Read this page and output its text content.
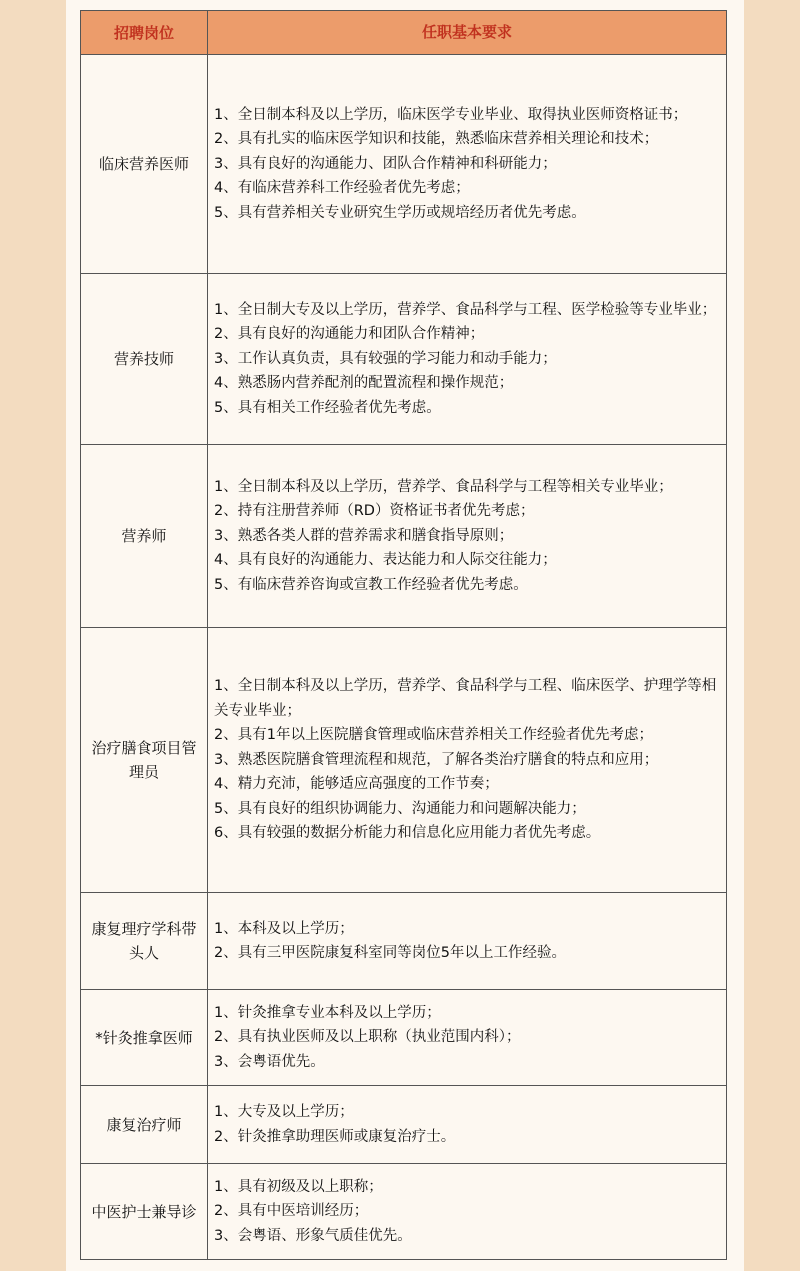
招聘岗位	任职基本要求
临床营养医师
1、全日制本科及以上学历，临床医学专业毕业、取得执业医师资格证书；
2、具有扎实的临床医学知识和技能，熟悉临床营养相关理论和技术；
3、具有良好的沟通能力、团队合作精神和科研能力；
4、有临床营养科工作经验者优先考虑；
5、具有营养相关专业研究生学历或规培经历者优先考虑。
营养技师
1、全日制大专及以上学历，营养学、食品科学与工程、医学检验等专业毕业；
2、具有良好的沟通能力和团队合作精神；
3、工作认真负责，具有较强的学习能力和动手能力；
4、熟悉肠内营养配剂的配置流程和操作规范；
5、具有相关工作经验者优先考虑。
营养师
1、全日制本科及以上学历，营养学、食品科学与工程等相关专业毕业；
2、持有注册营养师（RD）资格证书者优先考虑；
3、熟悉各类人群的营养需求和膳食指导原则；
4、具有良好的沟通能力、表达能力和人际交往能力；
5、有临床营养咨询或宣教工作经验者优先考虑。
治疗膳食项目管理员
1、全日制本科及以上学历，营养学、食品科学与工程、临床医学、护理学等相关专业毕业；
2、具有1年以上医院膳食管理或临床营养相关工作经验者优先考虑；
3、熟悉医院膳食管理流程和规范，了解各类治疗膳食的特点和应用；
4、精力充沛，能够适应高强度的工作节奏；
5、具有良好的组织协调能力、沟通能力和问题解决能力；
6、具有较强的数据分析能力和信息化应用能力者优先考虑。
康复理疗学科带头人
1、本科及以上学历；
2、具有三甲医院康复科室同等岗位5年以上工作经验。
*针灸推拿医师
1、针灸推拿专业本科及以上学历；
2、具有执业医师及以上职称（执业范围内科）；
3、会粤语优先。
康复治疗师
1、大专及以上学历；
2、针灸推拿助理医师或康复治疗士。
中医护士兼导诊
1、具有初级及以上职称；
2、具有中医培训经历；
3、会粤语、形象气质佳优先。
